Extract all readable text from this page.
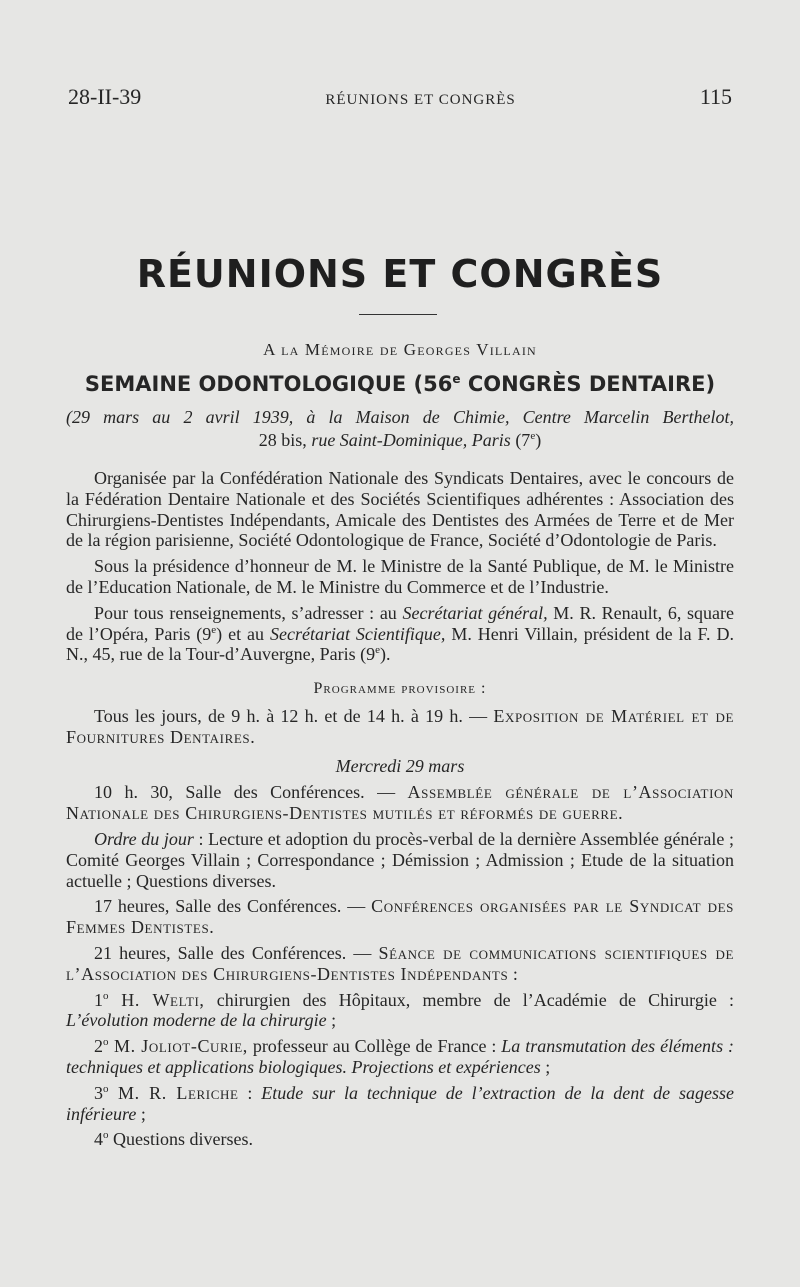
28-II-39	RÉUNIONS ET CONGRÈS	115
RÉUNIONS ET CONGRÈS
A la Mémoire de Georges Villain
SEMAINE ODONTOLOGIQUE (56e CONGRÈS DENTAIRE)
(29 mars au 2 avril 1939, à la Maison de Chimie, Centre Marcelin Berthelot,
28 bis, rue Saint-Dominique, Paris (7e)

Organisée par la Confédération Nationale des Syndicats Dentaires, avec le concours de la Fédération Dentaire Nationale et des Sociétés Scientifiques adhérentes : Association des Chirurgiens-Dentistes Indépendants, Amicale des Dentistes des Armées de Terre et de Mer de la région parisienne, Société Odontologique de France, Société d’Odontologie de Paris.

Sous la présidence d’honneur de M. le Ministre de la Santé Publique, de M. le Ministre de l’Education Nationale, de M. le Ministre du Commerce et de l’Industrie.

Pour tous renseignements, s’adresser : au Secrétariat général, M. R. Renault, 6, square de l’Opéra, Paris (9e) et au Secrétariat Scientifique, M. Henri Villain, président de la F. D. N., 45, rue de la Tour-d’Auvergne, Paris (9e).

Programme provisoire :

Tous les jours, de 9 h. à 12 h. et de 14 h. à 19 h. — Exposition de Matériel et de Fournitures Dentaires.

Mercredi 29 mars

10 h. 30, Salle des Conférences. — Assemblée générale de l’Association Nationale des Chirurgiens-Dentistes mutilés et réformés de guerre.

Ordre du jour : Lecture et adoption du procès-verbal de la dernière Assemblée générale ; Comité Georges Villain ; Correspondance ; Démission ; Admission ; Etude de la situation actuelle ; Questions diverses.

17 heures, Salle des Conférences. — Conférences organisées par le Syndicat des Femmes Dentistes.

21 heures, Salle des Conférences. — Séance de communications scientifiques de l’Association des Chirurgiens-Dentistes Indépendants :

1$^o$ H. Welti, chirurgien des Hôpitaux, membre de l’Académie de Chirurgie : L’évolution moderne de la chirurgie ;

2$^o$ M. Joliot-Curie, professeur au Collège de France : La transmutation des éléments : techniques et applications biologiques. Projections et expériences ;

3$^o$ M. R. Leriche : Etude sur la technique de l’extraction de la dent de sagesse inférieure ;

4$^o$ Questions diverses.
